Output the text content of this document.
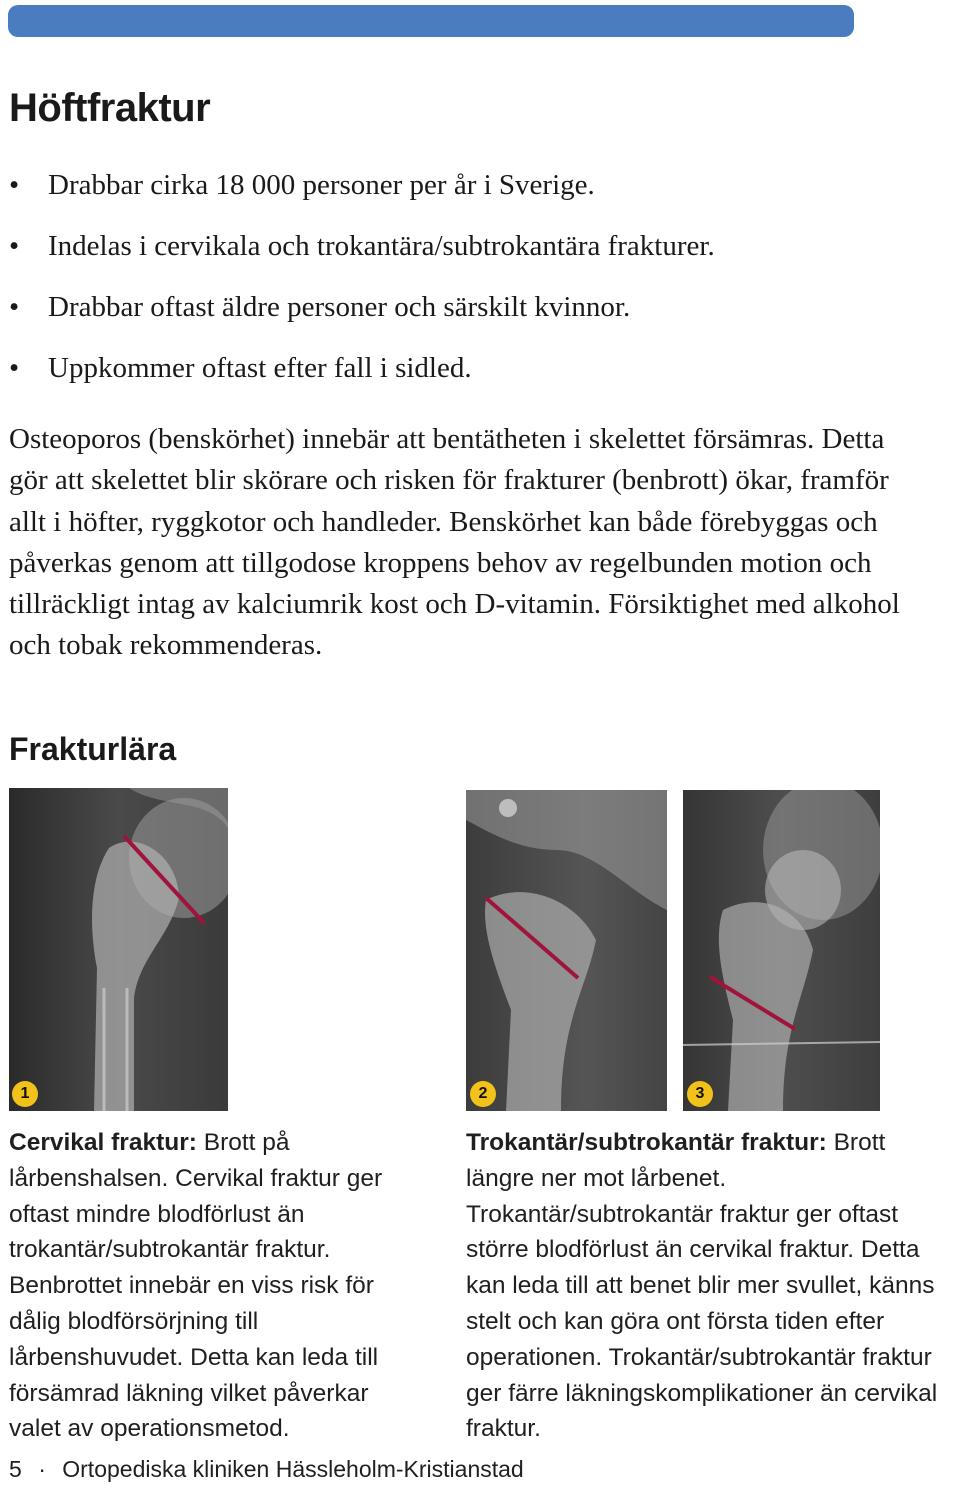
Höftfraktur
• Drabbar cirka 18 000 personer per år i Sverige.
• Indelas i cervikala och trokantära/subtrokantära frakturer.
• Drabbar oftast äldre personer och särskilt kvinnor.
• Uppkommer oftast efter fall i sidled.

Osteoporos (benskörhet) innebär att bentätheten i skelettet försämras. Detta gör att skelettet blir skörare och risken för frakturer (benbrott) ökar, framför allt i höfter, ryggkotor och handleder. Benskörhet kan både förebyggas och påverkas genom att tillgodose kroppens behov av regelbunden motion och tillräckligt intag av kalciumrik kost och D-vitamin. Försiktighet med alkohol och tobak rekommenderas.

Frakturlära
1	2	3

Cervikal fraktur: Brott på lårbenshalsen. Cervikal fraktur ger oftast mindre blodförlust än trokantär/subtrokantär fraktur. Benbrottet innebär en viss risk för dålig blodförsörjning till lårbenshuvudet. Detta kan leda till försämrad läkning vilket påverkar valet av operationsmetod.

Trokantär/subtrokantär fraktur: Brott längre ner mot lårbenet. Trokantär/subtrokantär fraktur ger oftast större blodförlust än cervikal fraktur. Detta kan leda till att benet blir mer svullet, känns stelt och kan göra ont första tiden efter operationen. Trokantär/subtrokantär fraktur ger färre läkningskomplikationer än cervikal fraktur.

5 · Ortopediska kliniken Hässleholm-Kristianstad
